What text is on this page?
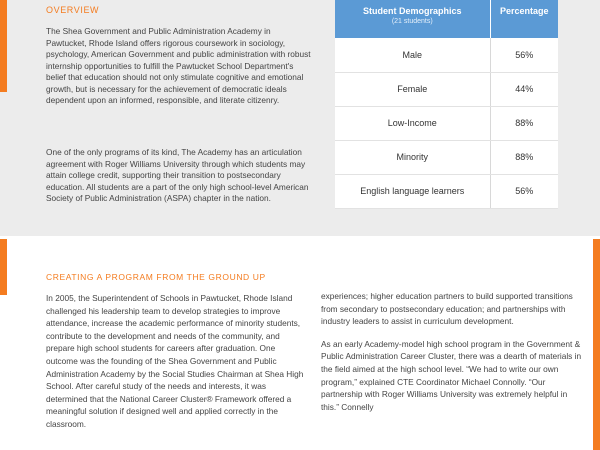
OVERVIEW

The Shea Government and Public Administration Academy in Pawtucket, Rhode Island offers rigorous coursework in sociology, psychology, American Government and public administration with robust internship opportunities to fulfill the Pawtucket School Department's belief that education should not only stimulate cognitive and emotional growth, but is necessary for the achievement of democratic ideals dependent upon an informed, responsible, and literate citizenry.

One of the only programs of its kind, The Academy has an articulation agreement with Roger Williams University through which students may attain college credit, supporting their transition to postsecondary education. All students are a part of the only high school-level American Society of Public Administration (ASPA) chapter in the nation.

Student Demographics
(21 students)	Percentage
Male	56%
Female	44%
Low-Income	88%
Minority	88%
English language learners	56%
CREATING A PROGRAM FROM THE GROUND UP

In 2005, the Superintendent of Schools in Pawtucket, Rhode Island challenged his leadership team to develop strategies to improve attendance, increase the academic performance of minority students, contribute to the development and needs of the community, and prepare high school students for careers after graduation. One outcome was the founding of the Shea Government and Public Administration Academy by the Social Studies Chairman at Shea High School. After careful study of the needs and interests, it was determined that the National Career Cluster® Framework offered a meaningful solution if designed well and applied correctly in the classroom.

experiences; higher education partners to build supported transitions from secondary to postsecondary education; and partnerships with industry leaders to assist in curriculum development.

As an early Academy-model high school program in the Government & Public Administration Career Cluster, there was a dearth of materials in the field aimed at the high school level. “We had to write our own program,” explained CTE Coordinator Michael Connolly. “Our partnership with Roger Williams University was extremely helpful in this.” Connelly
